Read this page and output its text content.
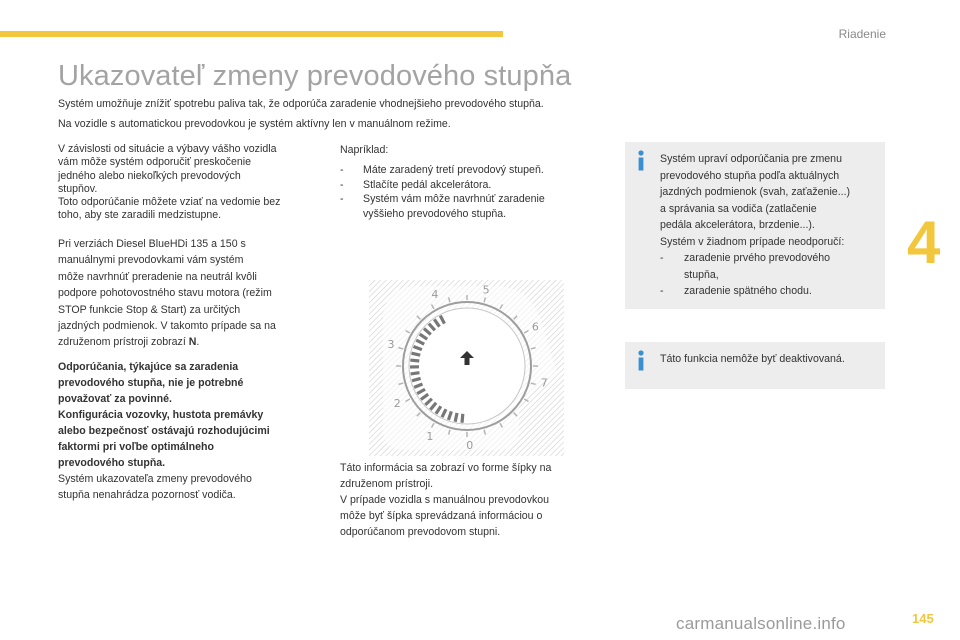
Riadenie
4
Ukazovateľ zmeny prevodového stupňa
Systém umožňuje znížiť spotrebu paliva tak, že odporúča zaradenie vhodnejšieho prevodového stupňa.
Na vozidle s automatickou prevodovkou je systém aktívny len v manuálnom režime.
V závislosti od situácie a výbavy vášho vozidla
vám môže systém odporučiť preskočenie
jedného alebo niekoľkých prevodových
stupňov.
Toto odporúčanie môžete vziať na vedomie bez
toho, aby ste zaradili medzistupne.
Pri verziách Diesel BlueHDi 135 a 150 s
manuálnymi prevodovkami vám systém
môže navrhnúť preradenie na neutrál kvôli
podpore pohotovostného stavu motora (režim
STOP funkcie Stop & Start) za určitých
jazdných podmienok. V takomto prípade sa na
združenom prístroji zobrazí N.
Odporúčania, týkajúce sa zaradenia
prevodového stupňa, nie je potrebné
považovať za povinné.
Konfigurácia vozovky, hustota premávky
alebo bezpečnosť ostávajú rozhodujúcimi
faktormi pri voľbe optimálneho
prevodového stupňa.
Systém ukazovateľa zmeny prevodového
stupňa nenahrádza pozornosť vodiča.
Napríklad:
-	Máte zaradený tretí prevodový stupeň.
-	Stlačíte pedál akcelerátora.
-	Systém vám môže navrhnúť zaradenie
vyššieho prevodového stupňa.
0
1
2
3
4	5
6
7
Táto informácia sa zobrazí vo forme šípky na
združenom prístroji.
V prípade vozidla s manuálnou prevodovkou
môže byť šípka sprevádzaná informáciou o
odporúčanom prevodovom stupni.
Systém upraví odporúčania pre zmenu
prevodového stupňa podľa aktuálnych
jazdných podmienok (svah, zaťaženie...)
a správania sa vodiča (zatlačenie
pedála akcelerátora, brzdenie...).
Systém v žiadnom prípade neodporučí:
-	zaradenie prvého prevodového
stupňa,
-	zaradenie spätného chodu.
Táto funkcia nemôže byť deaktivovaná.
carmanualsonline.info	145
